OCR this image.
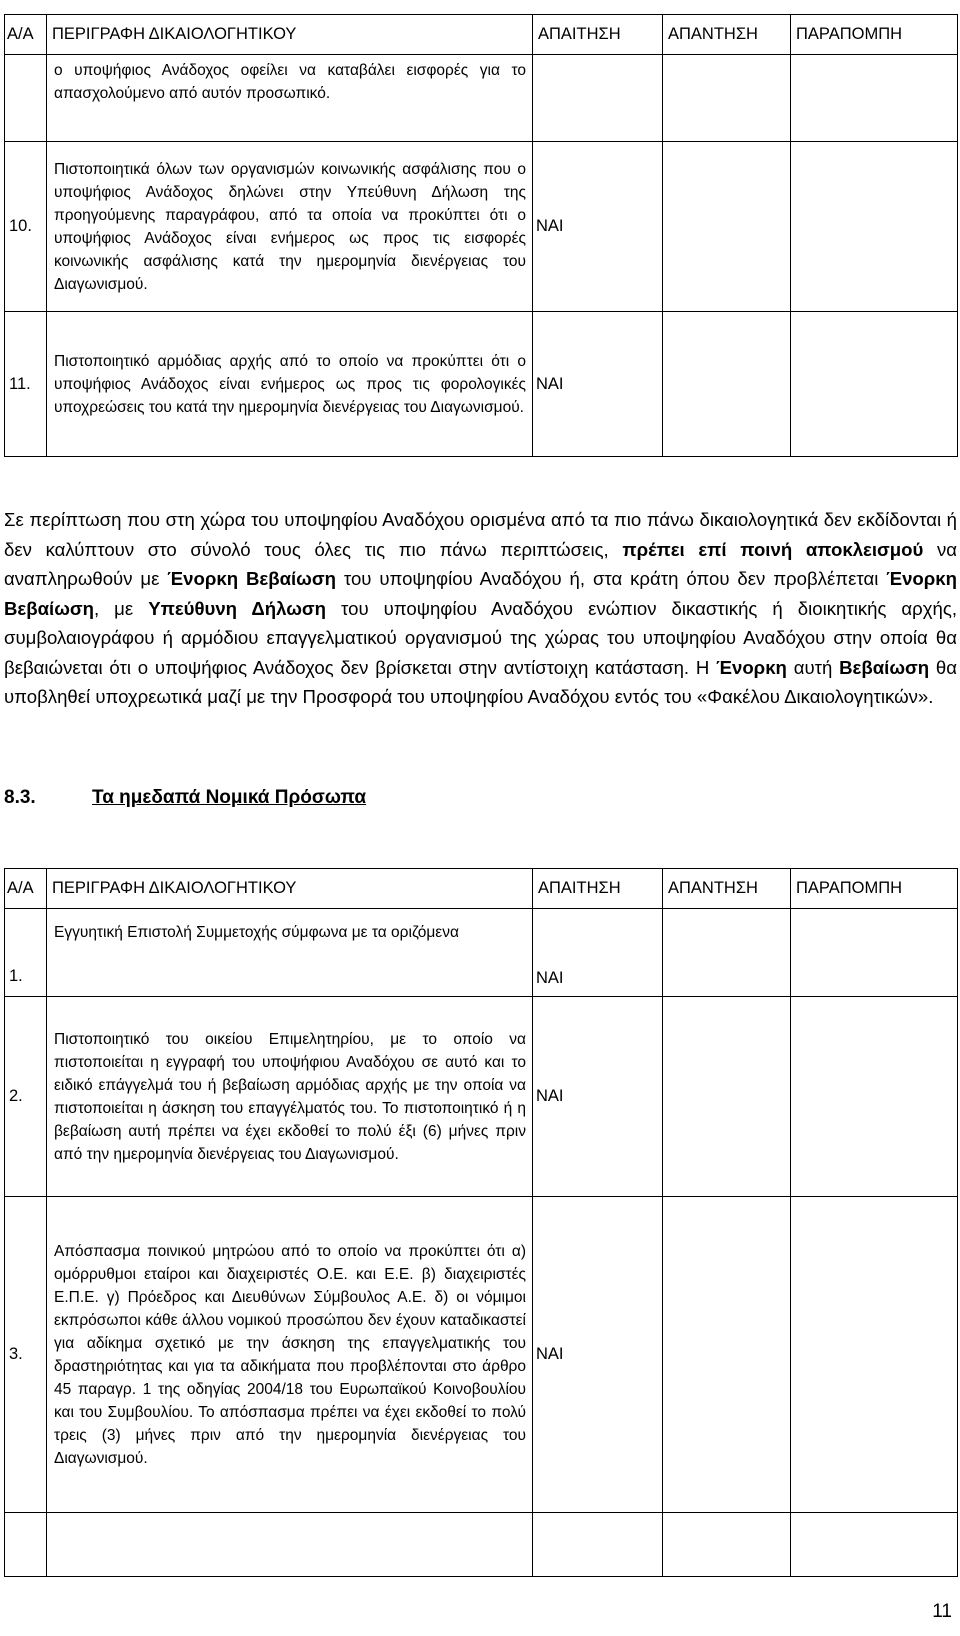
Α/Α	ΠΕΡΙΓΡΑΦΗ ΔΙΚΑΙΟΛΟΓΗΤΙΚΟΥ	ΑΠΑΙΤΗΣΗ	ΑΠΑΝΤΗΣΗ	ΠΑΡΑΠΟΜΠΗ
	ο υποψήφιος Ανάδοχος οφείλει να καταβάλει εισφορές για το απασχολούμενο από αυτόν προσωπικό.			
10.	Πιστοποιητικά όλων των οργανισμών κοινωνικής ασφάλισης που ο υποψήφιος Ανάδοχος δηλώνει στην Υπεύθυνη Δήλωση της προηγούμενης παραγράφου, από τα οποία να προκύπτει ότι ο υποψήφιος Ανάδοχος είναι ενήμερος ως προς τις εισφορές κοινωνικής ασφάλισης κατά την ημερομηνία διενέργειας του Διαγωνισμού.	ΝΑΙ		
11.	Πιστοποιητικό αρμόδιας αρχής από το οποίο να προκύπτει ότι ο υποψήφιος Ανάδοχος είναι ενήμερος ως προς τις φορολογικές υποχρεώσεις του κατά την ημερομηνία διενέργειας του Διαγωνισμού.	ΝΑΙ		
Σε περίπτωση που στη χώρα του υποψηφίου Αναδόχου ορισμένα από τα πιο πάνω δικαιολογητικά δεν εκδίδονται ή δεν καλύπτουν στο σύνολό τους όλες τις πιο πάνω περιπτώσεις, πρέπει επί ποινή αποκλεισμού να αναπληρωθούν με Ένορκη Βεβαίωση του υποψηφίου Αναδόχου ή, στα κράτη όπου δεν προβλέπεται Ένορκη Βεβαίωση, με Υπεύθυνη Δήλωση του υποψηφίου Αναδόχου ενώπιον δικαστικής ή διοικητικής αρχής, συμβολαιογράφου ή αρμόδιου επαγγελματικού οργανισμού της χώρας του υποψηφίου Αναδόχου στην οποία θα βεβαιώνεται ότι ο υποψήφιος Ανάδοχος δεν βρίσκεται στην αντίστοιχη κατάσταση. Η Ένορκη αυτή Βεβαίωση θα υποβληθεί υποχρεωτικά μαζί με την Προσφορά του υποψηφίου Αναδόχου εντός του «Φακέλου Δικαιολογητικών».
8.3.	Τα ημεδαπά Νομικά Πρόσωπα
Α/Α	ΠΕΡΙΓΡΑΦΗ ΔΙΚΑΙΟΛΟΓΗΤΙΚΟΥ	ΑΠΑΙΤΗΣΗ	ΑΠΑΝΤΗΣΗ	ΠΑΡΑΠΟΜΠΗ
1.	Εγγυητική Επιστολή Συμμετοχής σύμφωνα με τα οριζόμενα	ΝΑΙ		
2.	Πιστοποιητικό του οικείου Επιμελητηρίου, με το οποίο να πιστοποιείται η εγγραφή του υποψήφιου Αναδόχου σε αυτό και το ειδικό επάγγελμά του ή βεβαίωση αρμόδιας αρχής με την οποία να πιστοποιείται η άσκηση του επαγγέλματός του. Το πιστοποιητικό ή η βεβαίωση αυτή πρέπει να έχει εκδοθεί το πολύ έξι (6) μήνες πριν από την ημερομηνία διενέργειας του Διαγωνισμού.	ΝΑΙ		
3.	Απόσπασμα ποινικού μητρώου από το οποίο να προκύπτει ότι α) ομόρρυθμοι εταίροι και διαχειριστές Ο.Ε. και Ε.Ε. β) διαχειριστές Ε.Π.Ε. γ) Πρόεδρος και Διευθύνων Σύμβουλος Α.Ε. δ) οι νόμιμοι εκπρόσωποι κάθε άλλου νομικού προσώπου δεν έχουν καταδικαστεί για αδίκημα σχετικό με την άσκηση της επαγγελματικής του δραστηριότητας και για τα αδικήματα που προβλέπονται στο άρθρο 45 παραγρ. 1 της οδηγίας 2004/18 του Ευρωπαϊκού Κοινοβουλίου και του Συμβουλίου. Το απόσπασμα πρέπει να έχει εκδοθεί το πολύ τρεις (3) μήνες πριν από την ημερομηνία διενέργειας του Διαγωνισμού.	ΝΑΙ		

11
